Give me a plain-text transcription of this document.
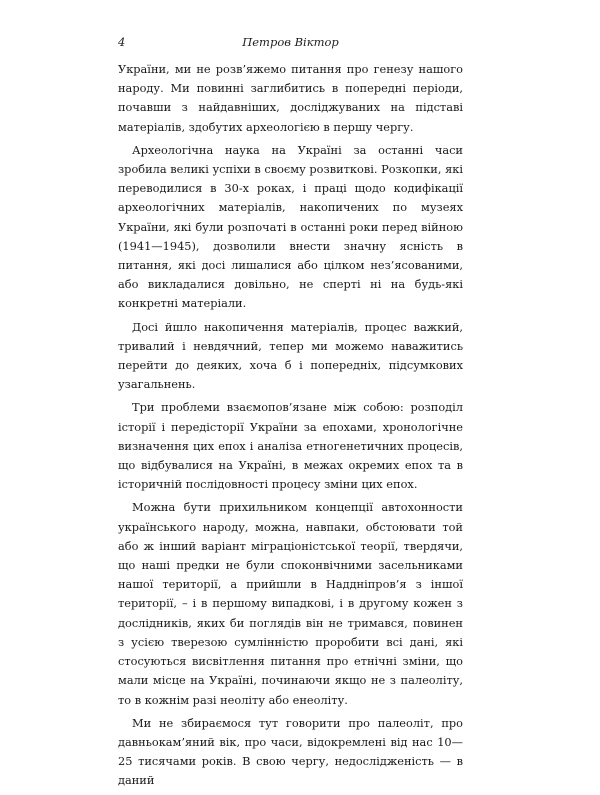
4	Петров Віктор

України, ми не розв’яжемо питання про генезу нашого народу. Ми повинні заглибитись в попередні періоди, почавши з найдавніших, досліджуваних на підставі матеріалів, здобутих археологією в першу чергу.

Археологічна наука на Україні за останні часи зробила великі успіхи в своєму розвиткові. Розкопки, які переводилися в 30-х роках, і праці щодо кодифікації археологічних матеріалів, накопичених по музеях України, які були розпочаті в останні роки перед війною (1941—1945), дозволили внести значну ясність в питання, які досі лишалися або цілком нез’ясованими, або викладалися довільно, не сперті ні на будь-які конкретні матеріали.

Досі йшло накопичення матеріалів, процес важкий, тривалий і невдячний, тепер ми можемо наважитись перейти до деяких, хоча б і попередніх, підсумкових узагальнень.

Три проблеми взаємопов’язане між собою: розподіл історії і передісторії України за епохами, хронологічне визначення цих епох і аналіза етногенетичних процесів, що відбувалися на Україні, в межах окремих епох та в історичній послідовності процесу зміни цих епох.

Можна бути прихильником концепції автохонности українського народу, можна, навпаки, обстоювати той або ж інший варіант міграціоністської теорії, твердячи, що наші предки не були споконвічними засельниками нашої території, а прийшли в Наддніпров’я з іншої території, – і в першому випадкові, і в другому кожен з дослідників, яких би поглядів він не тримався, повинен з усією тверезою сумлінністю проробити всі дані, які стосуються висвітлення питання про етнічні зміни, що мали місце на Україні, починаючи якщо не з палеоліту, то в кожнім разі неоліту або енеоліту.

Ми не збираємося тут говорити про палеоліт, про давньокам’яний вік, про часи, відокремлені від нас 10—25 тисячами років. В свою чергу, недослідженість — в даний
